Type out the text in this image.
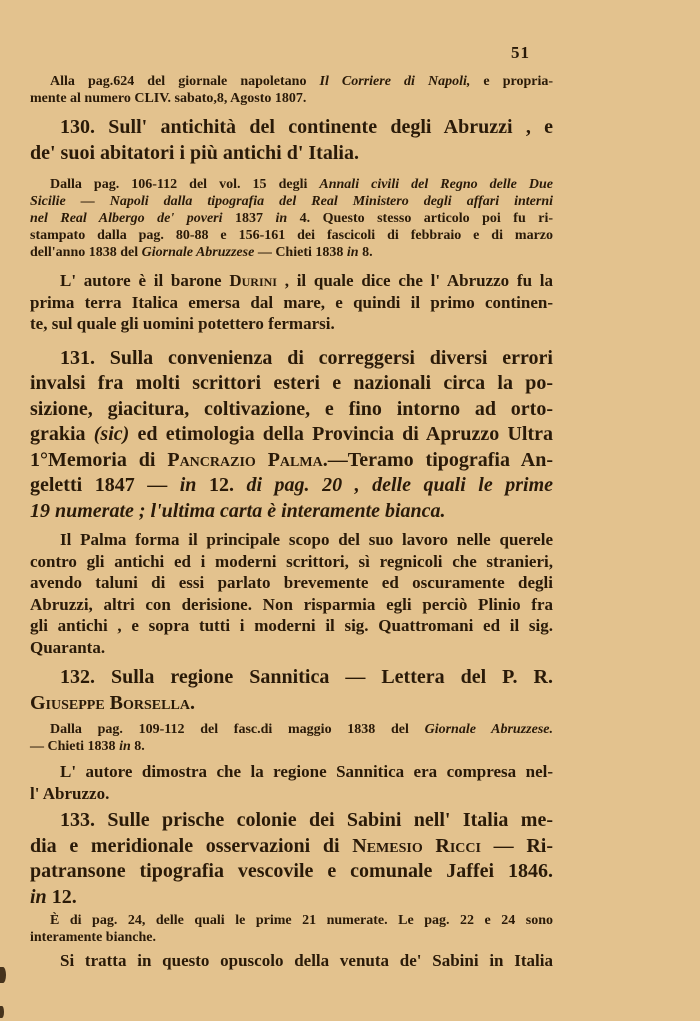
51
Alla pag.624 del giornale napoletano Il Corriere di Napoli, e propria-
mente al numero CLIV. sabato,8, Agosto 1807.
130. Sull' antichità del continente degli Abruzzi , e
de' suoi abitatori i più antichi d' Italia.
Dalla pag. 106-112 del vol. 15 degli Annali civili del Regno delle Due
Sicilie — Napoli dalla tipografia del Real Ministero degli affari interni
nel Real Albergo de' poveri 1837 in 4. Questo stesso articolo poi fu ri-
stampato dalla pag. 80-88 e 156-161 dei fascicoli di febbraio e di marzo
dell'anno 1838 del Giornale Abruzzese — Chieti 1838 in 8.
L' autore è il barone Durini , il quale dice che l' Abruzzo fu la
prima terra Italica emersa dal mare, e quindi il primo continen-
te, sul quale gli uomini potettero fermarsi.
131. Sulla convenienza di correggersi diversi errori
invalsi fra molti scrittori esteri e nazionali circa la po-
sizione, giacitura, coltivazione, e fino intorno ad orto-
grakia (sic) ed etimologia della Provincia di Apruzzo Ultra
1°Memoria di Pancrazio Palma.—Teramo tipografia An-
geletti 1847 — in 12. di pag. 20 , delle quali le prime
19 numerate ; l'ultima carta è interamente bianca.
Il Palma forma il principale scopo del suo lavoro nelle querele
contro gli antichi ed i moderni scrittori, sì regnicoli che stranieri,
avendo taluni di essi parlato brevemente ed oscuramente degli
Abruzzi, altri con derisione. Non risparmia egli perciò Plinio fra
gli antichi , e sopra tutti i moderni il sig. Quattromani ed il sig.
Quaranta.
132. Sulla regione Sannitica — Lettera del P. R.
Giuseppe Borsella.
Dalla pag. 109-112 del fasc.di maggio 1838 del Giornale Abruzzese.
— Chieti 1838 in 8.
L' autore dimostra che la regione Sannitica era compresa nel-
l' Abruzzo.
133. Sulle prische colonie dei Sabini nell' Italia me-
dia e meridionale osservazioni di Nemesio Ricci — Ri-
patransone tipografia vescovile e comunale Jaffei 1846.
in 12.
È di pag. 24, delle quali le prime 21 numerate. Le pag. 22 e 24 sono
interamente bianche.
Si tratta in questo opuscolo della venuta de' Sabini in Italia
